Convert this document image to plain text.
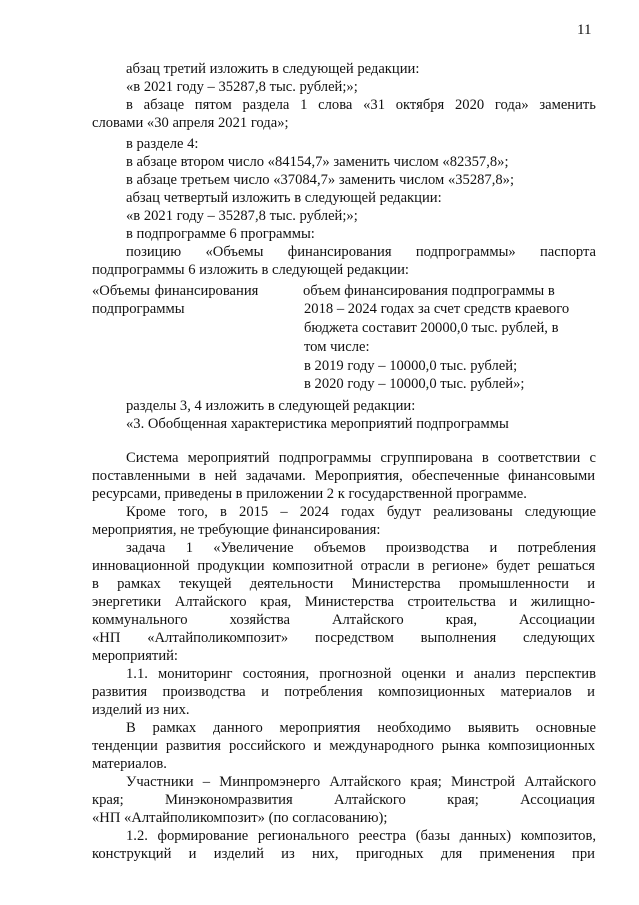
11
абзац третий изложить в следующей редакции:
«в 2021 году – 35287,8 тыс. рублей;»;
в абзаце пятом раздела 1 слова «31 октября 2020 года» заменить
словами «30 апреля 2021 года»;
в разделе 4:
в абзаце втором число «84154,7» заменить числом «82357,8»;
в абзаце третьем число «37084,7» заменить числом «35287,8»;
абзац четвертый изложить в следующей редакции:
«в 2021 году – 35287,8 тыс. рублей;»;
в подпрограмме 6 программы:
позицию «Объемы финансирования подпрограммы» паспорта
подпрограммы 6 изложить в следующей редакции:
«Объемы финансирования
подпрограммы
объем финансирования подпрограммы в
2018 – 2024 годах за счет средств краевого
бюджета составит 20000,0 тыс. рублей, в
том числе:
в 2019 году – 10000,0 тыс. рублей;
в 2020 году – 10000,0 тыс. рублей»;
разделы 3, 4 изложить в следующей редакции:
«3. Обобщенная характеристика мероприятий подпрограммы
Система мероприятий подпрограммы сгруппирована в соответствии с
поставленными в ней задачами. Мероприятия, обеспеченные финансовыми
ресурсами, приведены в приложении 2 к государственной программе.
Кроме того, в 2015 – 2024 годах будут реализованы следующие
мероприятия, не требующие финансирования:
задача 1 «Увеличение объемов производства и потребления
инновационной продукции композитной отрасли в регионе» будет решаться
в рамках текущей деятельности Министерства промышленности и
энергетики Алтайского края, Министерства строительства и жилищно-
коммунального хозяйства Алтайского края, Ассоциации
«НП «Алтайполикомпозит» посредством выполнения следующих
мероприятий:
1.1. мониторинг состояния, прогнозной оценки и анализ перспектив
развития производства и потребления композиционных материалов и
изделий из них.
В рамках данного мероприятия необходимо выявить основные
тенденции развития российского и международного рынка композиционных
материалов.
Участники – Минпромэнерго Алтайского края; Минстрой Алтайского
края; Минэкономразвития Алтайского края; Ассоциация
«НП «Алтайполикомпозит» (по согласованию);
1.2. формирование регионального реестра (базы данных) композитов,
конструкций и изделий из них, пригодных для применения при
